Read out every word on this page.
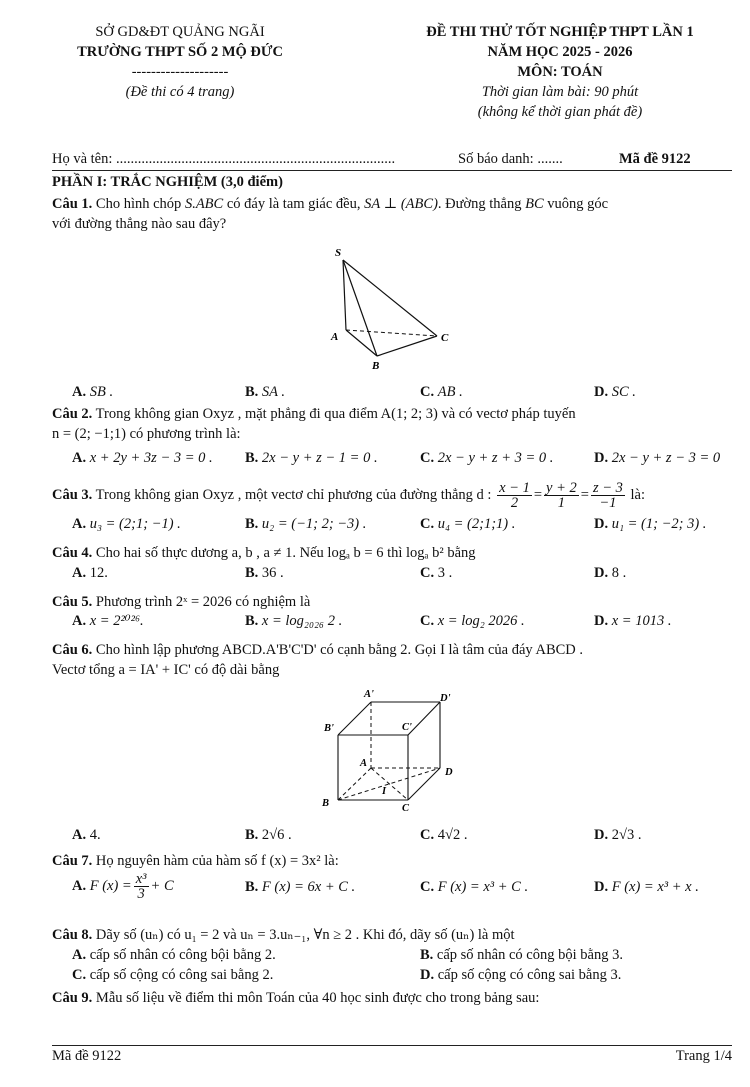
SỞ GD&ĐT QUẢNG NGÃI
TRƯỜNG THPT SỐ 2 MỘ ĐỨC
--------------------
(Đề thi có 4 trang)
ĐỀ THI THỬ TỐT NGHIỆP THPT LẦN 1
NĂM HỌC 2025 - 2026
MÔN: TOÁN
Thời gian làm bài: 90 phút
(không kể thời gian phát đề)
Họ và tên: .............................................................................	Số báo danh: .......	Mã đề 9122
PHẦN I: TRẮC NGHIỆM (3,0 điểm)
Câu 1. Cho hình chóp S.ABC có đáy là tam giác đều, SA ⊥ (ABC). Đường thẳng BC vuông góc
với đường thẳng nào sau đây?
S
A	C
B
A. SB .	B. SA .	C. AB .	D. SC .
Câu 2. Trong không gian Oxyz , mặt phẳng đi qua điểm A(1; 2; 3) và có vectơ pháp tuyến
n = (2; −1;1) có phương trình là:
A. x + 2y + 3z − 3 = 0 . B. 2x − y + z − 1 = 0 .	C. 2x − y + z + 3 = 0 .	D. 2x − y + z − 3 = 0
Câu 3. Trong không gian Oxyz , một vectơ chỉ phương của đường thẳng d : $\frac{x - 1}{2} = \frac{y + 2}{1} = \frac{z - 3}{-1}$ là:
A. u₃ = (2;1; −1) .	B. u₂ = (−1; 2; −3) .	C. u₄ = (2;1;1) .	D. u₁ = (1; −2; 3) .
Câu 4. Cho hai số thực dương a, b , a ≠ 1. Nếu logₐ b = 6 thì logₐ b² bằng
A. 12.	B. 36 .	C. 3 .	D. 8 .
Câu 5. Phương trình 2ˣ = 2026 có nghiệm là
A. x = 2²⁰²⁶.	B. x = log₂₀₂₆ 2 .	C. x = log₂ 2026 .	D. x = 1013 .
Câu 6. Cho hình lập phương ABCD.A'B'C'D' có cạnh bằng 2. Gọi I là tâm của đáy ABCD .
Vectơ tổng a = IA' + IC' có độ dài bằng
A'	D'
B'	C'
A
D
B
I
C
A. 4.	B. 2√6 .	C. 4√2 .	D. 2√3 .
Câu 7. Họ nguyên hàm của hàm số f (x) = 3x² là:
A. F $(x) = \frac{\text{x³}}{3} + C$	B. F (x) = 6x + C .	C. F (x) = x³ + C .	D. F (x) = x³ + x .
Câu 8. Dãy số (uₙ) có u₁ = 2 và uₙ = 3.uₙ₋₁, ∀n ≥ 2 . Khi đó, dãy số (uₙ) là một
A. cấp số nhân có công bội bằng 2.	B. cấp số nhân có công bội bằng 3.
C. cấp số cộng có công sai bằng 2.	D. cấp số cộng có công sai bằng 3.
Câu 9. Mẫu số liệu về điểm thi môn Toán của 40 học sinh được cho trong bảng sau:
Mã đề 9122	Trang 1/4
